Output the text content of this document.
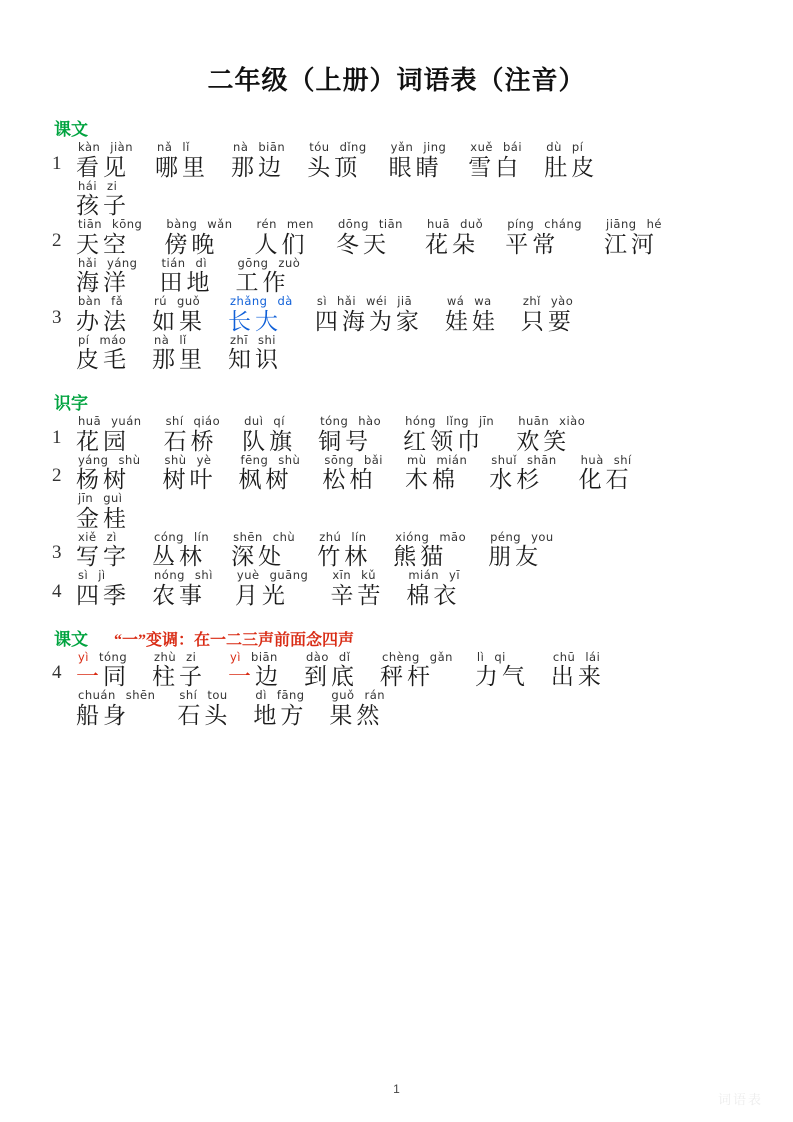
二年级（上册）词语表（注音）
课文
1
kàn jiàn
看见
nǎ lǐ
哪里
nà biān
那边
tóu dǐng
头顶
yǎn jing
眼睛
xuě bái
雪白
dù pí
肚皮
hái zi
孩子
2
tiān kōng
天空
bàng wǎn
傍晚
rén men
人们
dōng tiān
冬天
huā duǒ
花朵
píng cháng
平常
jiāng hé
江河
hǎi yáng
海洋
tián dì
田地
gōng zuò
工作
3
bàn fǎ
办法
rú guǒ
如果
zhǎng dà
长大
sì hǎi wéi jiā
四海为家
wá wa
娃娃
zhǐ yào
只要
pí máo
皮毛
nà lǐ
那里
zhī shi
知识
识字
1
huā yuán
花园
shí qiáo
石桥
duì qí
队旗
tóng hào
铜号
hóng lǐng jīn
红领巾
huān xiào
欢笑
2
yáng shù
杨树
shù yè
树叶
fēng shù
枫树
sōng bǎi
松柏
mù mián
木棉
shuǐ shān
水杉
huà shí
化石
jīn guì
金桂
3
xiě zì
写字
cóng lín
丛林
shēn chù
深处
zhú lín
竹林
xióng māo
熊猫
péng you
朋友
4
sì jì
四季
nóng shì
农事
yuè guāng
月光
xīn kǔ
辛苦
mián yī
棉衣
课文 “一”变调：在一二三声前面念四声
4
yì tóng
一同
zhù zi
柱子
yì biān
一边
dào dǐ
到底
chèng gǎn
秤杆
lì qi
力气
chū lái
出来
chuán shēn
船身
shí tou
石头
dì fāng
地方
guǒ rán
果然
1
词语表
